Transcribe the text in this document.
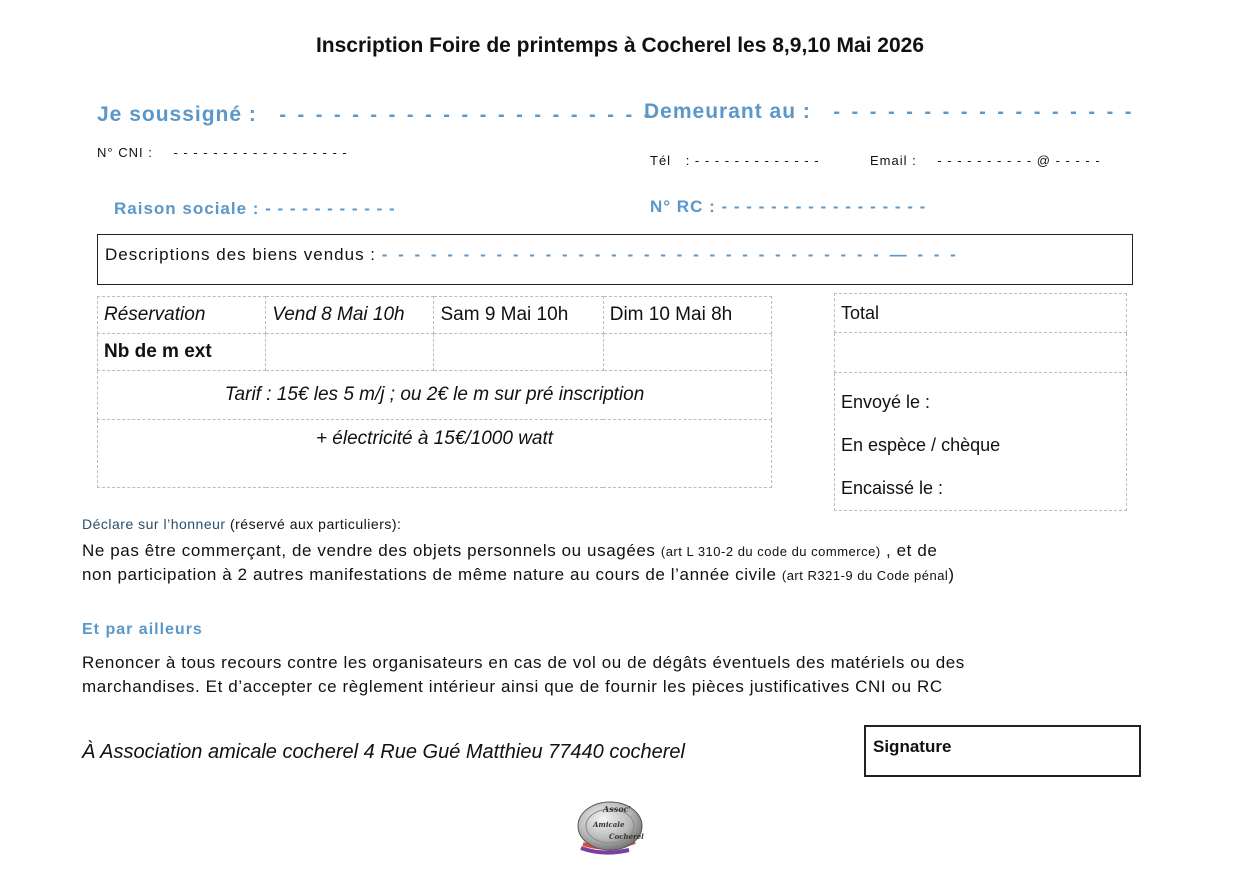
Inscription Foire de printemps à Cocherel les 8,9,10 Mai 2026
Je soussigné : - - - - - - - - - - - - - - - - - - - - -
Demeurant au : - - - - - - - - - - - - - - - - -
N° CNI : - - - - - - - - - - - - - - - - - -
Tél : - - - - - - - - - - - - -	Email : - - - - - - - - - - @ - - - - -
Raison sociale : - - - - - - - - - - -	N° RC : - - - - - - - - - - - - - - - - -
Descriptions des biens vendus : - - - - - - - - - - - - - - - - - - - - - - - - - - - - - - - — - - -
Réservation	Vend 8 Mai 10h	Sam 9 Mai 10h	Dim 10 Mai 8h
Nb de m ext			
Tarif : 15€ les 5 m/j ; ou 2€ le m sur pré inscription			
+ électricité à 15€/1000 watt			
Total

Envoyé le :
En espèce / chèque
Encaissé le :
Déclare sur l’honneur (réservé aux particuliers):
Ne pas être commerçant, de vendre des objets personnels ou usagées (art L 310-2 du code du commerce) , et de
non participation à 2 autres manifestations de même nature au cours de l’année civile (art R321-9 du Code pénal)
Et par ailleurs
Renoncer à tous recours contre les organisateurs en cas de vol ou de dégâts éventuels des matériels ou des
marchandises. Et d’accepter ce règlement intérieur ainsi que de fournir les pièces justificatives CNI ou RC
À Association amicale cocherel 4 Rue Gué Matthieu 77440 cocherel	Signature
Assoc'
Amicale
Cocherel
